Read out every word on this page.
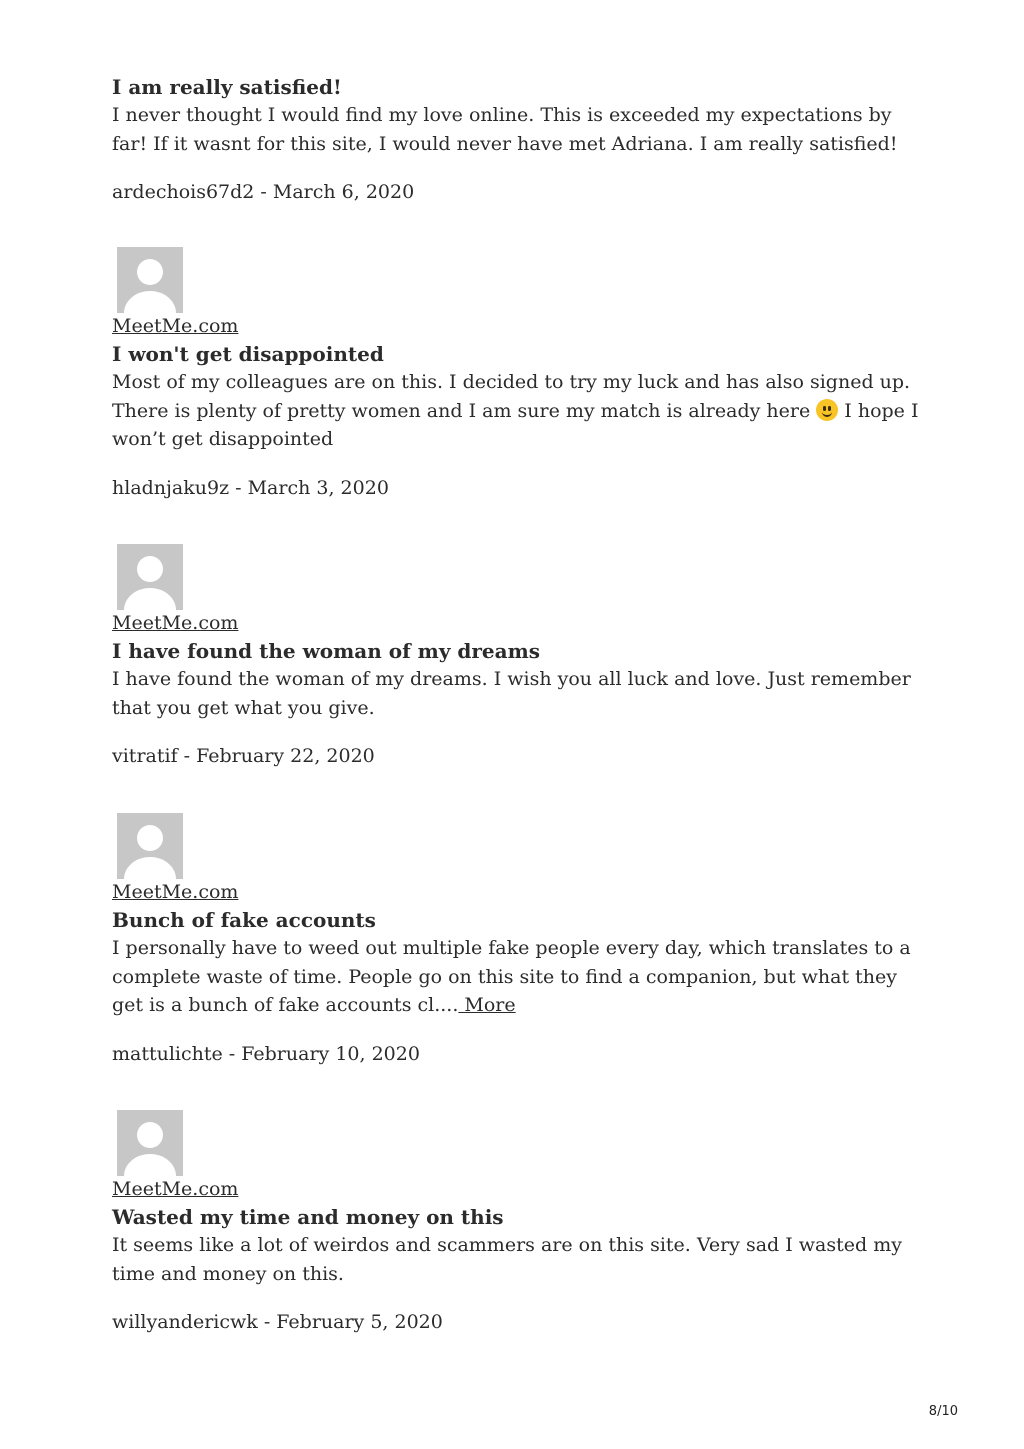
I am really satisfied!

I never thought I would find my love online. This is exceeded my expectations by far! If it wasnt for this site, I would never have met Adriana. I am really satisfied!

ardechois67d2 - March 6, 2020

MeetMe.com
I won't get disappointed

Most of my colleagues are on this. I decided to try my luck and has also signed up. There is plenty of pretty women and I am sure my match is already here
I hope I won’t get disappointed

hladnjaku9z - March 3, 2020

MeetMe.com
I have found the woman of my dreams

I have found the woman of my dreams. I wish you all luck and love. Just remember that you get what you give.

vitratif - February 22, 2020

MeetMe.com
Bunch of fake accounts

I personally have to weed out multiple fake people every day, which translates to a complete waste of time. People go on this site to find a companion, but what they get is a bunch of fake accounts cl.... More

mattulichte - February 10, 2020

MeetMe.com
Wasted my time and money on this

It seems like a lot of weirdos and scammers are on this site. Very sad I wasted my time and money on this.

willyandericwk - February 5, 2020

8/10
